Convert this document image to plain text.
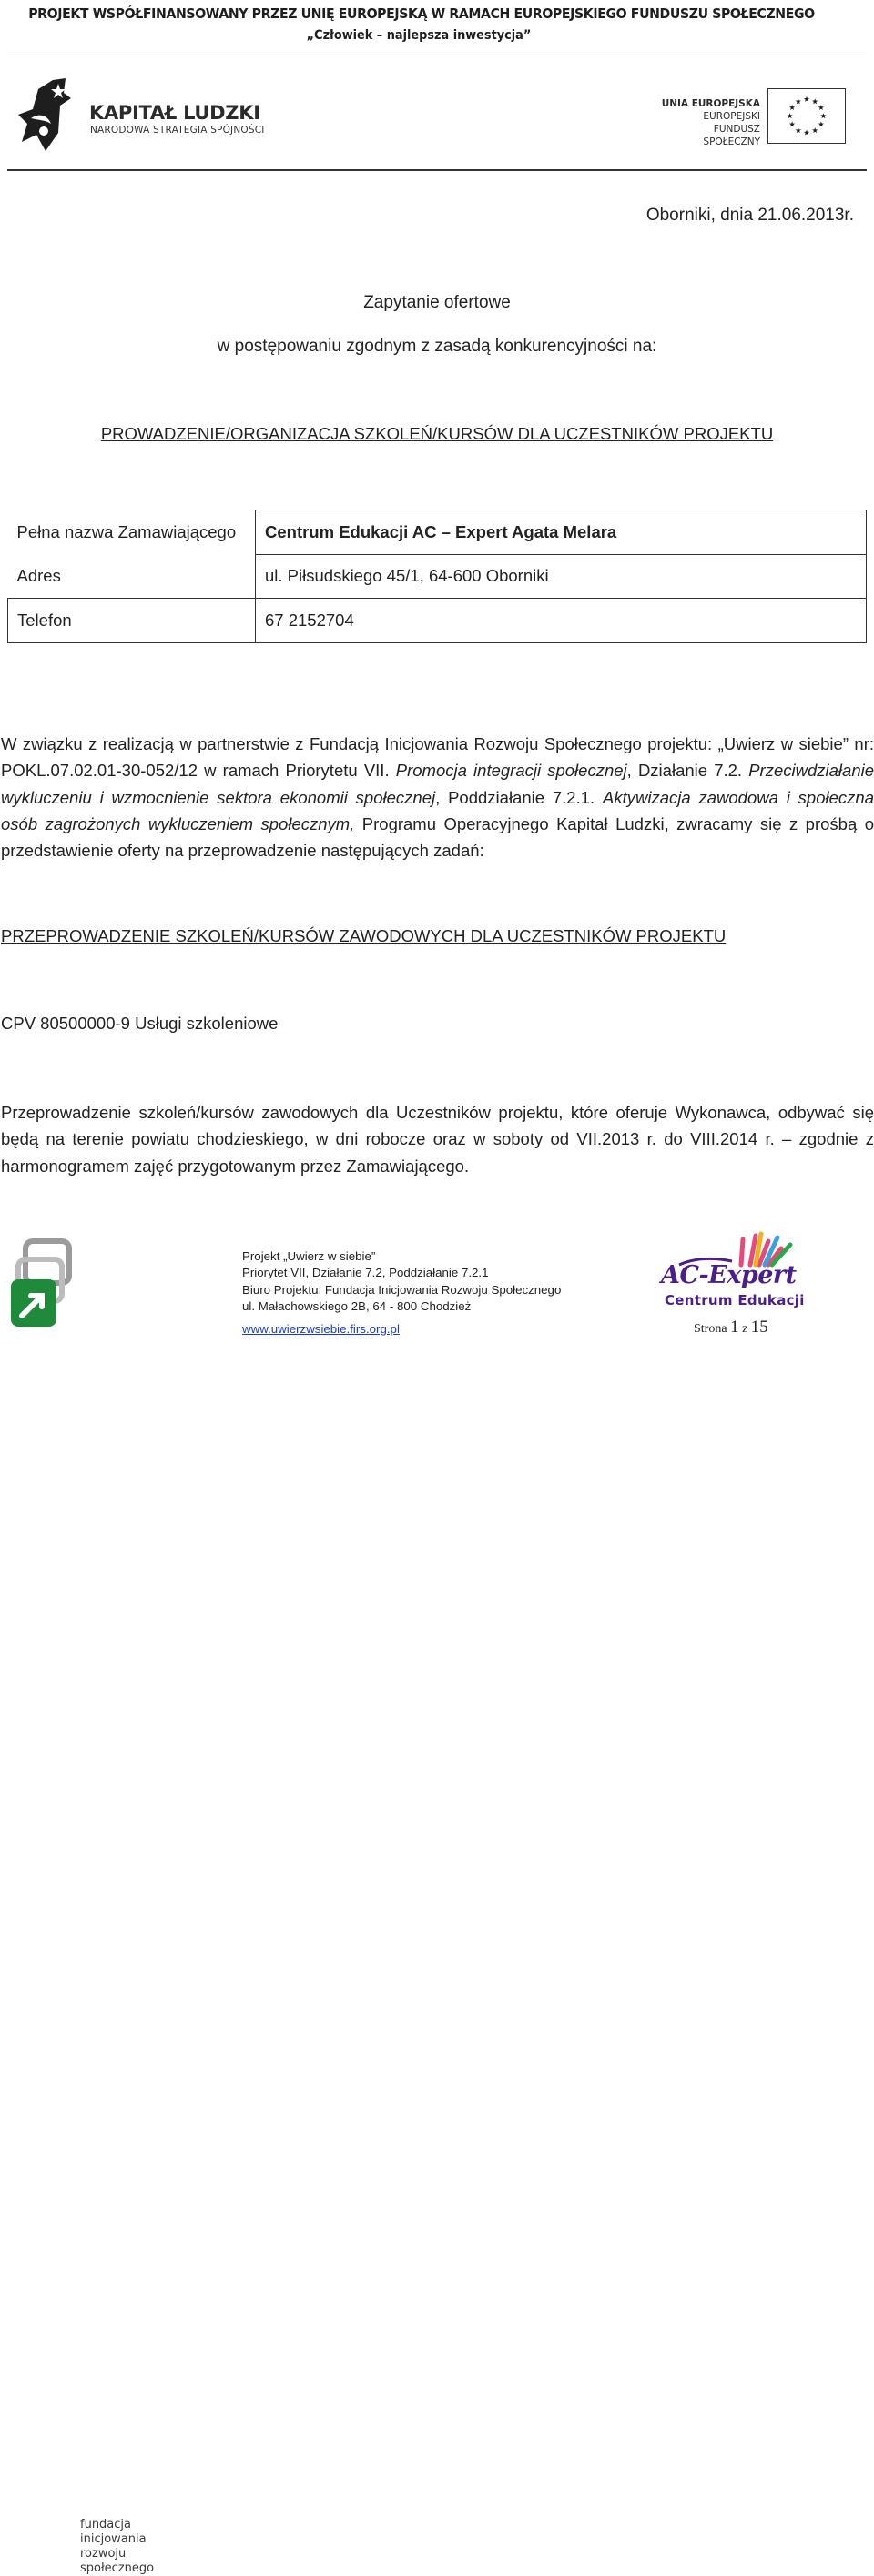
PROJEKT WSPÓŁFINANSOWANY PRZEZ UNIĘ EUROPEJSKĄ W RAMACH EUROPEJSKIEGO FUNDUSZU SPOŁECZNEGO
„Człowiek – najlepsza inwestycja”
KAPITAŁ LUDZKI
NARODOWA STRATEGIA SPÓJNOŚCI
UNIA EUROPEJSKA
EUROPEJSKI
FUNDUSZ SPOŁECZNY
Oborniki, dnia 21.06.2013r.
Zapytanie ofertowe
w postępowaniu zgodnym z zasadą konkurencyjności na:
PROWADZENIE/ORGANIZACJA SZKOLEŃ/KURSÓW DLA UCZESTNIKÓW PROJEKTU
Pełna nazwa Zamawiającego	Centrum Edukacji AC – Expert Agata Melara
Adres	ul. Piłsudskiego 45/1, 64-600 Oborniki
Telefon	67 2152704
W związku z realizacją w partnerstwie z Fundacją Inicjowania Rozwoju Społecznego projektu: „Uwierz w siebie” nr: POKL.07.02.01-30-052/12 w ramach Priorytetu VII. Promocja integracji społecznej, Działanie 7.2. Przeciwdziałanie wykluczeniu i wzmocnienie sektora ekonomii społecznej, Poddziałanie 7.2.1. Aktywizacja zawodowa i społeczna osób zagrożonych wykluczeniem społecznym, Programu Operacyjnego Kapitał Ludzki, zwracamy się z prośbą o przedstawienie oferty na przeprowadzenie następujących zadań:
PRZEPROWADZENIE SZKOLEŃ/KURSÓW ZAWODOWYCH DLA UCZESTNIKÓW PROJEKTU
CPV 80500000-9 Usługi szkoleniowe
Przeprowadzenie szkoleń/kursów zawodowych dla Uczestników projektu, które oferuje Wykonawca, odbywać się będą na terenie powiatu chodzieskiego, w dni robocze oraz w soboty od VII.2013 r. do VIII.2014 r. – zgodnie z harmonogramem zajęć przygotowanym przez Zamawiającego.
fundacja inicjowania
rozwoju społecznego
Projekt „Uwierz w siebie”
Priorytet VII, Działanie 7.2, Poddziałanie 7.2.1
Biuro Projektu: Fundacja Inicjowania Rozwoju Społecznego
ul. Małachowskiego 2B, 64 - 800 Chodzież
www.uwierzwsiebie.firs.org.pl
AC-Expert
Centrum Edukacji
Strona 1 z 15
